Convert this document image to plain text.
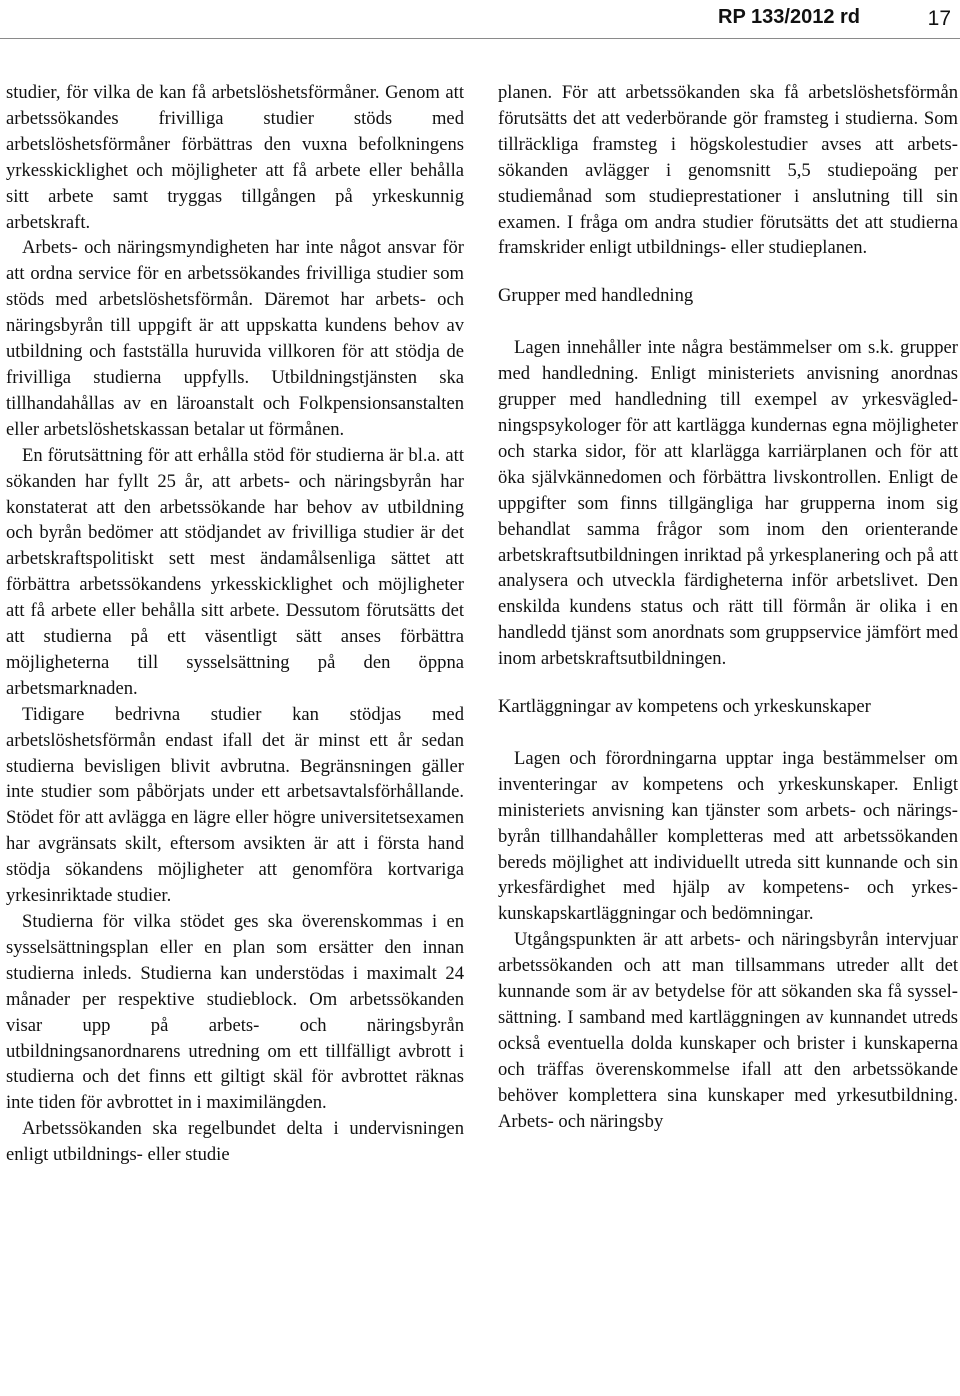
RP 133/2012 rd	17

studier, för vilka de kan få arbetslöshetsförmåner. Genom att arbetssökandes frivilliga studier stöds med arbetslöshetsförmåner förbättras den vuxna befolkningens yrkesskicklighet och möjligheter att få arbete eller behålla sitt arbete samt tryggas tillgången på yrkeskunnig arbetskraft.

Arbets- och näringsmyndigheten har inte något ansvar för att ordna service för en arbetssökandes frivilliga studier som stöds med arbetslöshetsförmån. Däremot har arbets- och näringsbyrån till uppgift är att uppskatta kundens behov av utbildning och fastställa huruvida villkoren för att stödja de frivilliga studierna uppfylls. Utbildningstjänsten ska tillhandahållas av en läroanstalt och Folkpensionsanstalten eller arbetslöshetskassan betalar ut förmånen.

En förutsättning för att erhålla stöd för studierna är bl.a. att sökanden har fyllt 25 år, att arbets- och näringsbyrån har konstaterat att den arbetssökande har behov av utbildning och byrån bedömer att stödjandet av frivilliga studier är det arbetskraftspolitiskt sett mest ändamålsenliga sättet att förbättra arbetssökandens yrkesskicklighet och möjligheter att få arbete eller behålla sitt arbete. Dessutom förutsätts det att studierna på ett väsentligt sätt anses förbättra möjligheterna till sysselsättning på den öppna arbetsmarknaden.

Tidigare bedrivna studier kan stödjas med arbetslöshetsförmån endast ifall det är minst ett år sedan studierna bevisligen blivit avbrutna. Begränsningen gäller inte studier som påbörjats under ett arbetsavtalsförhållande. Stödet för att avlägga en lägre eller högre universitetsexamen har avgränsats skilt, eftersom avsikten är att i första hand stödja sökandens möjligheter att genomföra kortvariga yrkesinriktade studier.

Studierna för vilka stödet ges ska överenskommas i en sysselsättningsplan eller en plan som ersätter den innan studierna inleds. Studierna kan understödas i maximalt 24 månader per respektive studieblock. Om arbetssökanden visar upp på arbets- och näringsbyrån utbildningsanordnarens utredning om ett tillfälligt avbrott i studierna och det finns ett giltigt skäl för avbrottet räknas inte tiden för avbrottet in i maximilängden.

Arbetssökanden ska regelbundet delta i undervisningen enligt utbildnings- eller studie

planen. För att arbetssökanden ska få arbetslöshetsförmån förutsätts det att vederbörande gör framsteg i studierna. Som tillräckliga framsteg i högskolestudier avses att arbetssökanden avlägger i genomsnitt 5,5 studiepoäng per studiemånad som studieprestationer i anslutning till sin examen. I fråga om andra studier förutsätts det att studierna framskrider enligt utbildnings- eller studieplanen.

Grupper med handledning

Lagen innehåller inte några bestämmelser om s.k. grupper med handledning. Enligt ministeriets anvisning anordnas grupper med handledning till exempel av yrkesvägledningspsykologer för att kartlägga kundernas egna möjligheter och starka sidor, för att klarlägga karriärplanen och för att öka självkännedomen och förbättra livskontrollen. Enligt de uppgifter som finns tillgängliga har grupperna inom sig behandlat samma frågor som inom den orienterande arbetskraftsutbildningen inriktad på yrkesplanering och på att analysera och utveckla färdigheterna inför arbetslivet. Den enskilda kundens status och rätt till förmån är olika i en handledd tjänst som anordnats som gruppservice jämfört med inom arbetskraftsutbildningen.

Kartläggningar av kompetens och yrkeskunskaper

Lagen och förordningarna upptar inga bestämmelser om inventeringar av kompetens och yrkeskunskaper. Enligt ministeriets anvisning kan tjänster som arbets- och näringsbyrån tillhandahåller kompletteras med att arbetssökanden bereds möjlighet att individuellt utreda sitt kunnande och sin yrkesfärdighet med hjälp av kompetens- och yrkeskunskapskartläggningar och bedömningar.

Utgångspunkten är att arbets- och näringsbyrån intervjuar arbetssökanden och att man tillsammans utreder allt det kunnande som är av betydelse för att sökanden ska få sysselsättning. I samband med kartläggningen av kunnandet utreds också eventuella dolda kunskaper och brister i kunskaperna och träffas överenskommelse ifall att den arbetssökande behöver komplettera sina kunskaper med yrkesutbildning. Arbets- och näringsby
